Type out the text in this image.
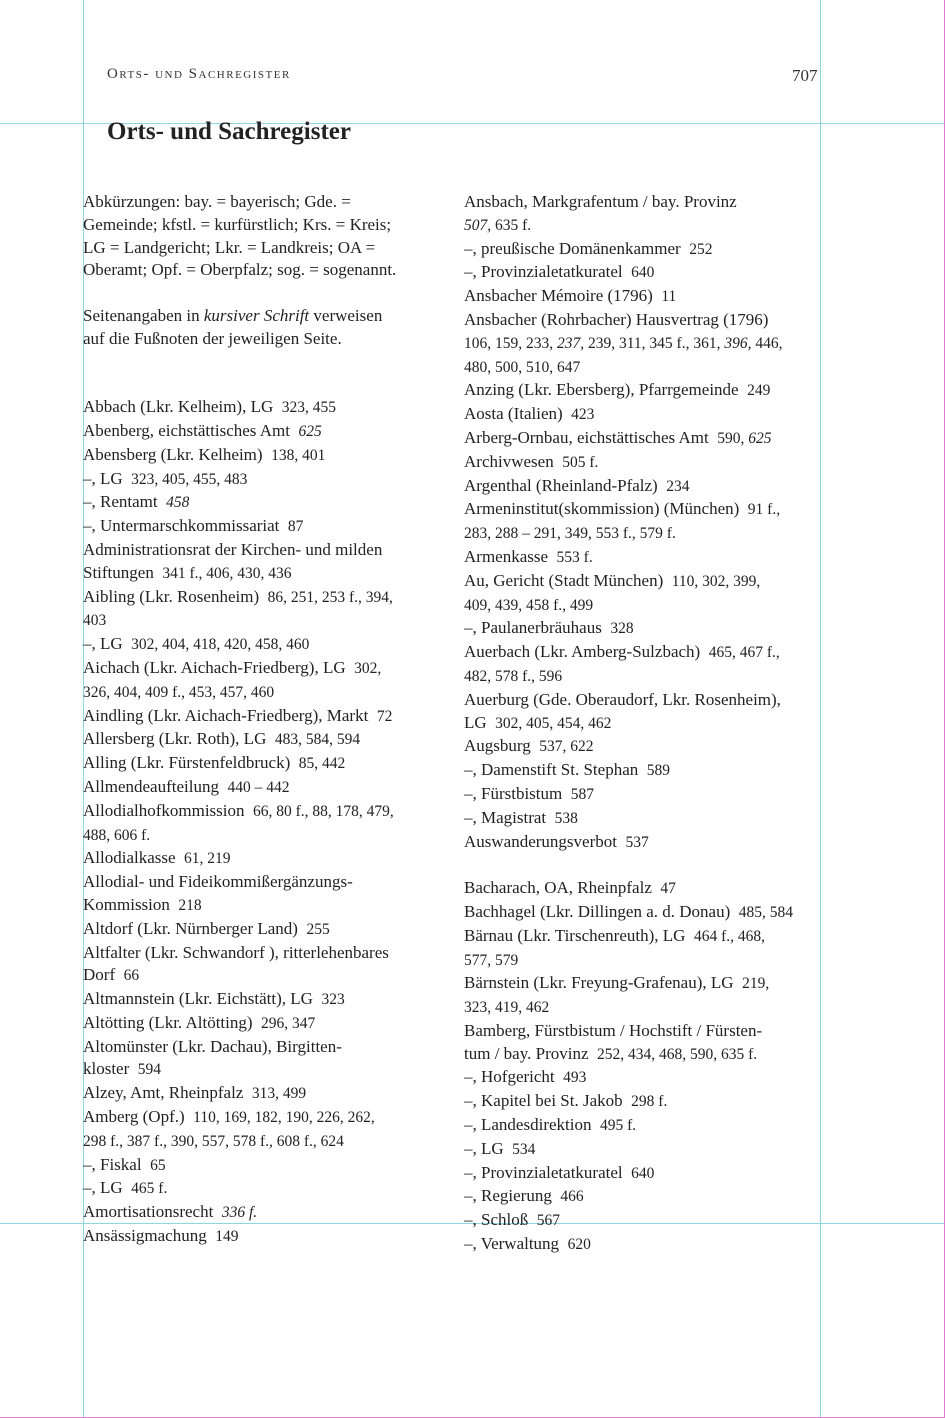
Orts- und Sachregister	707
Orts- und Sachregister
Abkürzungen: bay. = bayerisch; Gde. =
Gemeinde; kfstl. = kurfürstlich; Krs. = Kreis;
LG = Landgericht; Lkr. = Landkreis; OA =
Oberamt; Opf. = Oberpfalz; sog. = sogenannt.
Seitenangaben in kursiver Schrift verweisen
auf die Fußnoten der jeweiligen Seite.
Abbach (Lkr. Kelheim), LG  323, 455
Abenberg, eichstättisches Amt  625
Abensberg (Lkr. Kelheim)  138, 401
–, LG  323, 405, 455, 483
–, Rentamt  458
–, Untermarschkommissariat  87
Administrationsrat der Kirchen- und milden
Stiftungen  341 f., 406, 430, 436
Aibling (Lkr. Rosenheim)  86, 251, 253 f., 394,
403
–, LG  302, 404, 418, 420, 458, 460
Aichach (Lkr. Aichach-Friedberg), LG  302,
326, 404, 409 f., 453, 457, 460
Aindling (Lkr. Aichach-Friedberg), Markt  72
Allersberg (Lkr. Roth), LG  483, 584, 594
Alling (Lkr. Fürstenfeldbruck)  85, 442
Allmendeaufteilung  440 – 442
Allodialhofkommission  66, 80 f., 88, 178, 479,
488, 606 f.
Allodialkasse  61, 219
Allodial- und Fideikommißergänzungs-
Kommission  218
Altdorf (Lkr. Nürnberger Land)  255
Altfalter (Lkr. Schwandorf ), ritterlehenbares
Dorf  66
Altmannstein (Lkr. Eichstätt), LG  323
Altötting (Lkr. Altötting)  296, 347
Altomünster (Lkr. Dachau), Birgitten-
kloster  594
Alzey, Amt, Rheinpfalz  313, 499
Amberg (Opf.)  110, 169, 182, 190, 226, 262,
298 f., 387 f., 390, 557, 578 f., 608 f., 624
–, Fiskal  65
–, LG  465 f.
Amortisationsrecht  336 f.
Ansässigmachung  149
Ansbach, Markgrafentum / bay. Provinz
507, 635 f.
–, preußische Domänenkammer  252
–, Provinzialetatkuratel  640
Ansbacher Mémoire (1796)  11
Ansbacher (Rohrbacher) Hausvertrag (1796)
106, 159, 233, 237, 239, 311, 345 f., 361, 396, 446,
480, 500, 510, 647
Anzing (Lkr. Ebersberg), Pfarrgemeinde  249
Aosta (Italien)  423
Arberg-Ornbau, eichstättisches Amt  590, 625
Archivwesen  505 f.
Argenthal (Rheinland-Pfalz)  234
Armeninstitut(skommission) (München)  91 f.,
283, 288 – 291, 349, 553 f., 579 f.
Armenkasse  553 f.
Au, Gericht (Stadt München)  110, 302, 399,
409, 439, 458 f., 499
–, Paulanerbräuhaus  328
Auerbach (Lkr. Amberg-Sulzbach)  465, 467 f.,
482, 578 f., 596
Auerburg (Gde. Oberaudorf, Lkr. Rosenheim),
LG  302, 405, 454, 462
Augsburg  537, 622
–, Damenstift St. Stephan  589
–, Fürstbistum  587
–, Magistrat  538
Auswanderungsverbot  537
Bacharach, OA, Rheinpfalz  47
Bachhagel (Lkr. Dillingen a. d. Donau)  485, 584
Bärnau (Lkr. Tirschenreuth), LG  464 f., 468,
577, 579
Bärnstein (Lkr. Freyung-Grafenau), LG  219,
323, 419, 462
Bamberg, Fürstbistum / Hochstift / Fürsten-
tum / bay. Provinz  252, 434, 468, 590, 635 f.
–, Hofgericht  493
–, Kapitel bei St. Jakob  298 f.
–, Landesdirektion  495 f.
–, LG  534
–, Provinzialetatkuratel  640
–, Regierung  466
–, Schloß  567
–, Verwaltung  620
